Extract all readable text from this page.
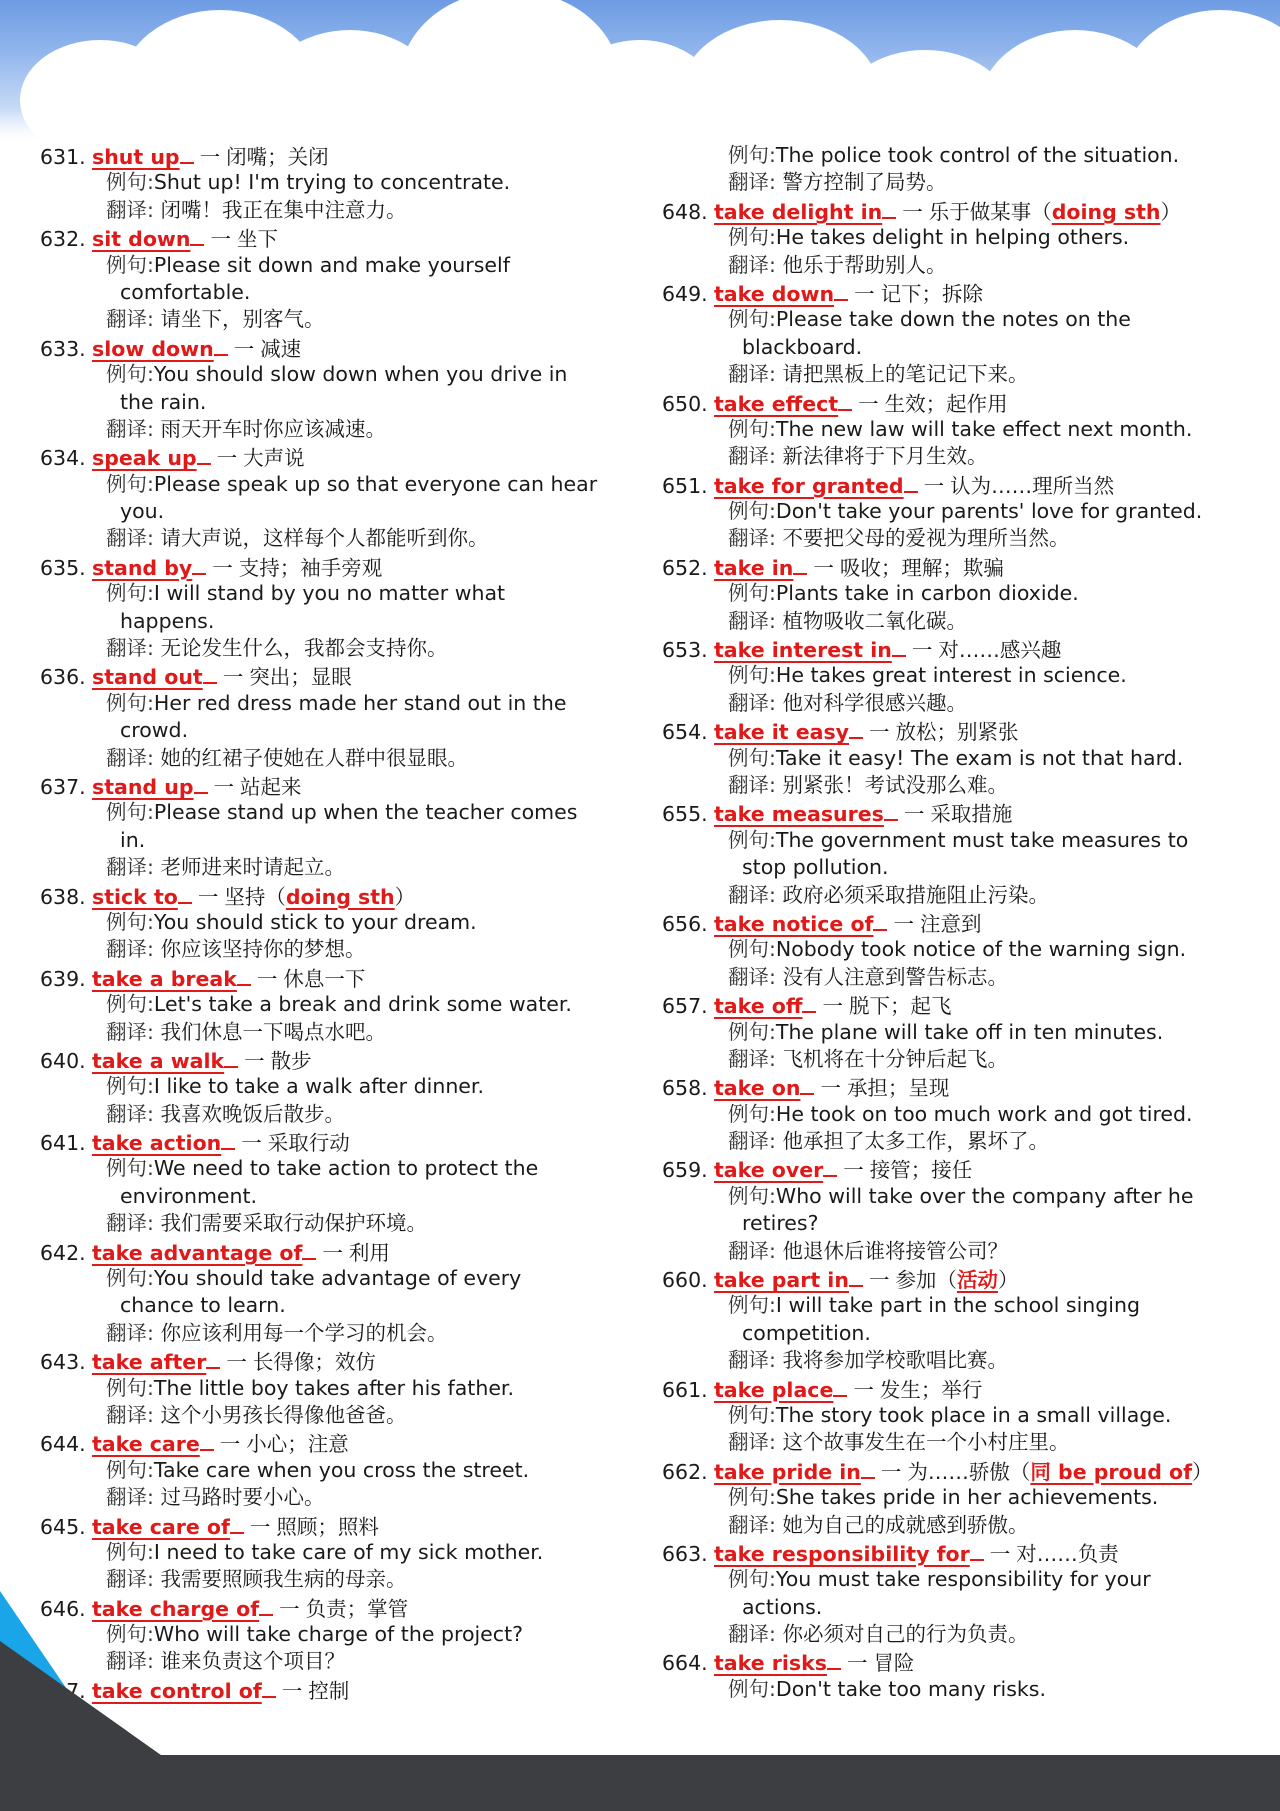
631. shut up 一 闭嘴；关闭
例句:Shut up! I'm trying to concentrate.
翻译: 闭嘴！我正在集中注意力。
632. sit down 一 坐下
例句:Please sit down and make yourself
comfortable.
翻译: 请坐下，别客气。
633. slow down 一 减速
例句:You should slow down when you drive in
the rain.
翻译: 雨天开车时你应该减速。
634. speak up 一 大声说
例句:Please speak up so that everyone can hear
you.
翻译: 请大声说，这样每个人都能听到你。
635. stand by 一 支持；袖手旁观
例句:I will stand by you no matter what
happens.
翻译: 无论发生什么，我都会支持你。
636. stand out 一 突出；显眼
例句:Her red dress made her stand out in the
crowd.
翻译: 她的红裙子使她在人群中很显眼。
637. stand up 一 站起来
例句:Please stand up when the teacher comes
in.
翻译: 老师进来时请起立。
638. stick to 一 坚持（doing sth）
例句:You should stick to your dream.
翻译: 你应该坚持你的梦想。
639. take a break 一 休息一下
例句:Let's take a break and drink some water.
翻译: 我们休息一下喝点水吧。
640. take a walk 一 散步
例句:I like to take a walk after dinner.
翻译: 我喜欢晚饭后散步。
641. take action 一 采取行动
例句:We need to take action to protect the
environment.
翻译: 我们需要采取行动保护环境。
642. take advantage of 一 利用
例句:You should take advantage of every
chance to learn.
翻译: 你应该利用每一个学习的机会。
643. take after 一 长得像；效仿
例句:The little boy takes after his father.
翻译: 这个小男孩长得像他爸爸。
644. take care 一 小心；注意
例句:Take care when you cross the street.
翻译: 过马路时要小心。
645. take care of 一 照顾；照料
例句:I need to take care of my sick mother.
翻译: 我需要照顾我生病的母亲。
646. take charge of 一 负责；掌管
例句:Who will take charge of the project?
翻译: 谁来负责这个项目？
647. take control of 一 控制
例句:The police took control of the situation.
翻译: 警方控制了局势。
648. take delight in 一 乐于做某事（doing sth）
例句:He takes delight in helping others.
翻译: 他乐于帮助别人。
649. take down 一 记下；拆除
例句:Please take down the notes on the
blackboard.
翻译: 请把黑板上的笔记记下来。
650. take effect 一 生效；起作用
例句:The new law will take effect next month.
翻译: 新法律将于下月生效。
651. take for granted 一 认为……理所当然
例句:Don't take your parents' love for granted.
翻译: 不要把父母的爱视为理所当然。
652. take in 一 吸收；理解；欺骗
例句:Plants take in carbon dioxide.
翻译: 植物吸收二氧化碳。
653. take interest in 一 对……感兴趣
例句:He takes great interest in science.
翻译: 他对科学很感兴趣。
654. take it easy 一 放松；别紧张
例句:Take it easy! The exam is not that hard.
翻译: 别紧张！考试没那么难。
655. take measures 一 采取措施
例句:The government must take measures to
stop pollution.
翻译: 政府必须采取措施阻止污染。
656. take notice of 一 注意到
例句:Nobody took notice of the warning sign.
翻译: 没有人注意到警告标志。
657. take off 一 脱下；起飞
例句:The plane will take off in ten minutes.
翻译: 飞机将在十分钟后起飞。
658. take on 一 承担；呈现
例句:He took on too much work and got tired.
翻译: 他承担了太多工作，累坏了。
659. take over 一 接管；接任
例句:Who will take over the company after he
retires?
翻译: 他退休后谁将接管公司？
660. take part in 一 参加（活动）
例句:I will take part in the school singing
competition.
翻译: 我将参加学校歌唱比赛。
661. take place 一 发生；举行
例句:The story took place in a small village.
翻译: 这个故事发生在一个小村庄里。
662. take pride in 一 为……骄傲（同 be proud of）
例句:She takes pride in her achievements.
翻译: 她为自己的成就感到骄傲。
663. take responsibility for 一 对……负责
例句:You must take responsibility for your
actions.
翻译: 你必须对自己的行为负责。
664. take risks 一 冒险
例句:Don't take too many risks.
